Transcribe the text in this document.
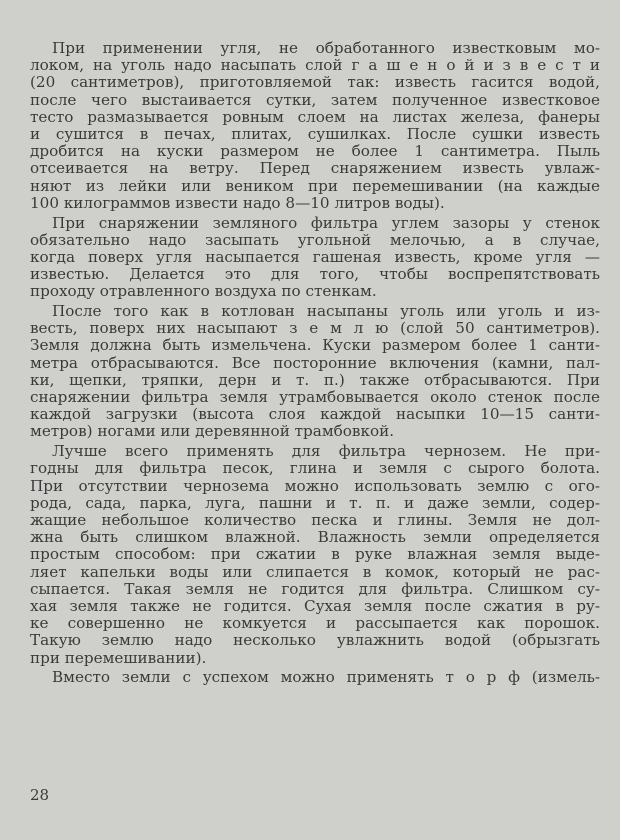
При применении угля, не обработанного известковым мо-
локом, на уголь надо насыпать слой г а ш е н о й и з в е с т и
(20 сантиметров), приготовляемой так: известь гасится водой,
после чего выстаивается сутки, затем полученное известковое
тесто размазывается ровным слоем на листах железа, фанеры
и сушится в печах, плитах, сушилках. После сушки известь
дробится на куски размером не более 1 сантиметра. Пыль
отсеивается на ветру. Перед снаряжением известь увлаж-
няют из лейки или веником при перемешивании (на каждые
100 килограммов извести надо 8—10 литров воды).
При снаряжении земляного фильтра углем зазоры у стенок
обязательно надо засыпать угольной мелочью, а в случае,
когда поверх угля насыпается гашеная известь, кроме угля —
известью. Делается это для того, чтобы воспрепятствовать
проходу отравленного воздуха по стенкам.
После того как в котлован насыпаны уголь или уголь и из-
весть, поверх них насыпают з е м л ю (слой 50 сантиметров).
Земля должна быть измельчена. Куски размером более 1 санти-
метра отбрасываются. Все посторонние включения (камни, пал-
ки, щепки, тряпки, дерн и т. п.) также отбрасываются. При
снаряжении фильтра земля утрамбовывается около стенок после
каждой загрузки (высота слоя каждой насыпки 10—15 санти-
метров) ногами или деревянной трамбовкой.
Лучше всего применять для фильтра чернозем. Не при-
годны для фильтра песок, глина и земля с сырого болота.
При отсутствии чернозема можно использовать землю с ого-
рода, сада, парка, луга, пашни и т. п. и даже земли, содер-
жащие небольшое количество песка и глины. Земля не дол-
жна быть слишком влажной. Влажность земли определяется
простым способом: при сжатии в руке влажная земля выде-
ляет капельки воды или слипается в комок, который не рас-
сыпается. Такая земля не годится для фильтра. Слишком су-
хая земля также не годится. Сухая земля после сжатия в ру-
ке совершенно не комкуется и рассыпается как порошок.
Такую землю надо несколько увлажнить водой (обрызгать
при перемешивании).
Вместо земли с успехом можно применять т о р ф (измель-
28
